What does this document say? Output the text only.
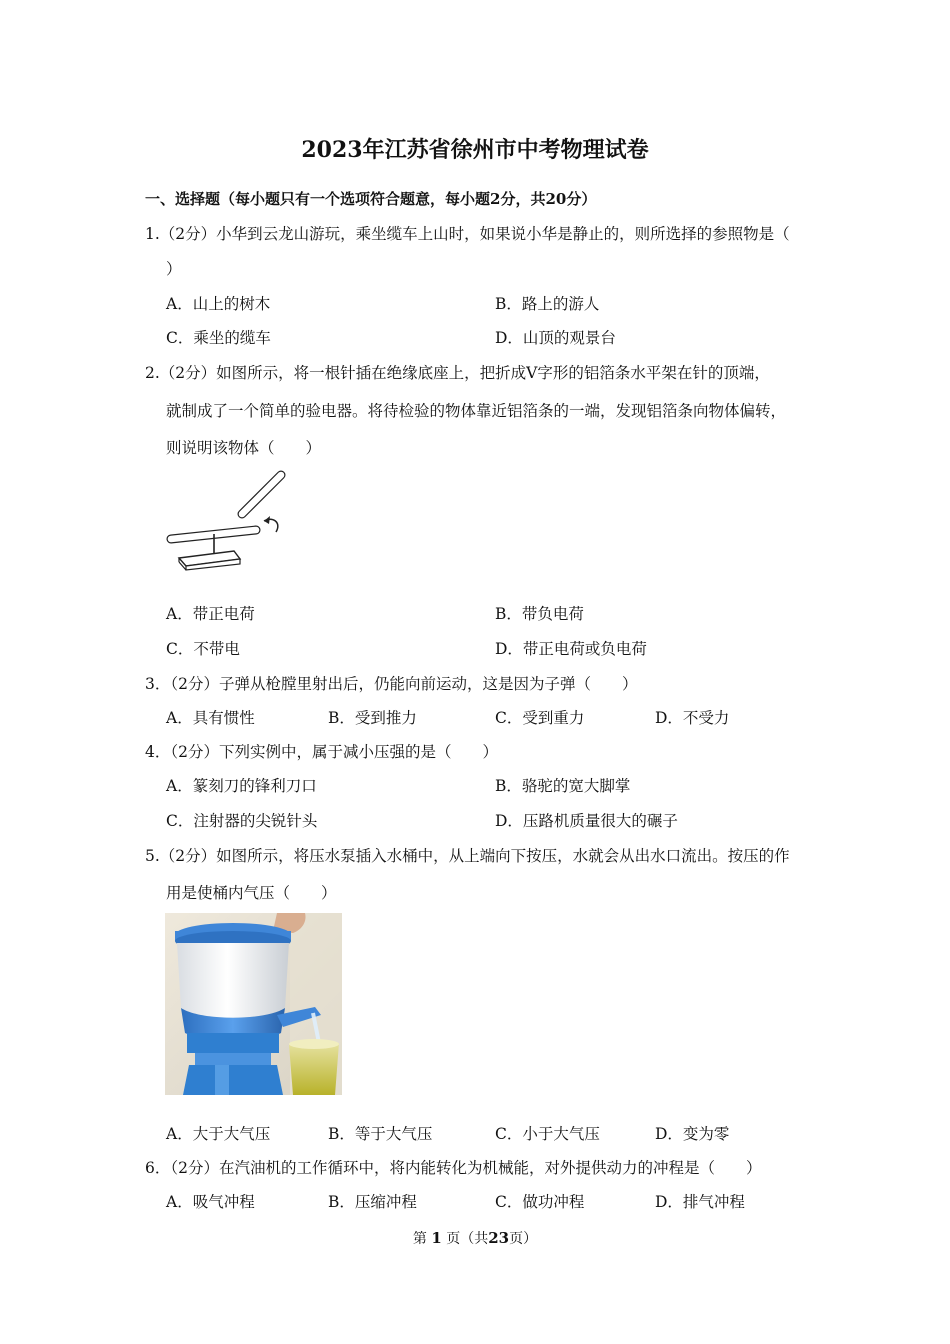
2023年江苏省徐州市中考物理试卷
一、选择题（每小题只有一个选项符合题意，每小题2分，共20分）
1.（2分）小华到云龙山游玩，乘坐缆车上山时，如果说小华是静止的，则所选择的参照物是（
）
A．山上的树木	B．路上的游人
C．乘坐的缆车	D．山顶的观景台
2.（2分）如图所示，将一根针插在绝缘底座上，把折成V字形的铝箔条水平架在针的顶端，
就制成了一个简单的验电器。将待检验的物体靠近铝箔条的一端，发现铝箔条向物体偏转，
则说明该物体（　　）
A．带正电荷	B．带负电荷
C．不带电	D．带正电荷或负电荷
3．（2分）子弹从枪膛里射出后，仍能向前运动，这是因为子弹（　　）
A．具有惯性	B．受到推力	C．受到重力	D．不受力
4．（2分）下列实例中，属于减小压强的是（　　）
A．篆刻刀的锋利刀口	B．骆驼的宽大脚掌
C．注射器的尖锐针头	D．压路机质量很大的碾子
5.（2分）如图所示，将压水泵插入水桶中，从上端向下按压，水就会从出水口流出。按压的作
用是使桶内气压（　　）
A．大于大气压	B．等于大气压	C．小于大气压	D．变为零
6．（2分）在汽油机的工作循环中，将内能转化为机械能，对外提供动力的冲程是（　　）
A．吸气冲程	B．压缩冲程	C．做功冲程	D．排气冲程
第 1 页（共23页）
